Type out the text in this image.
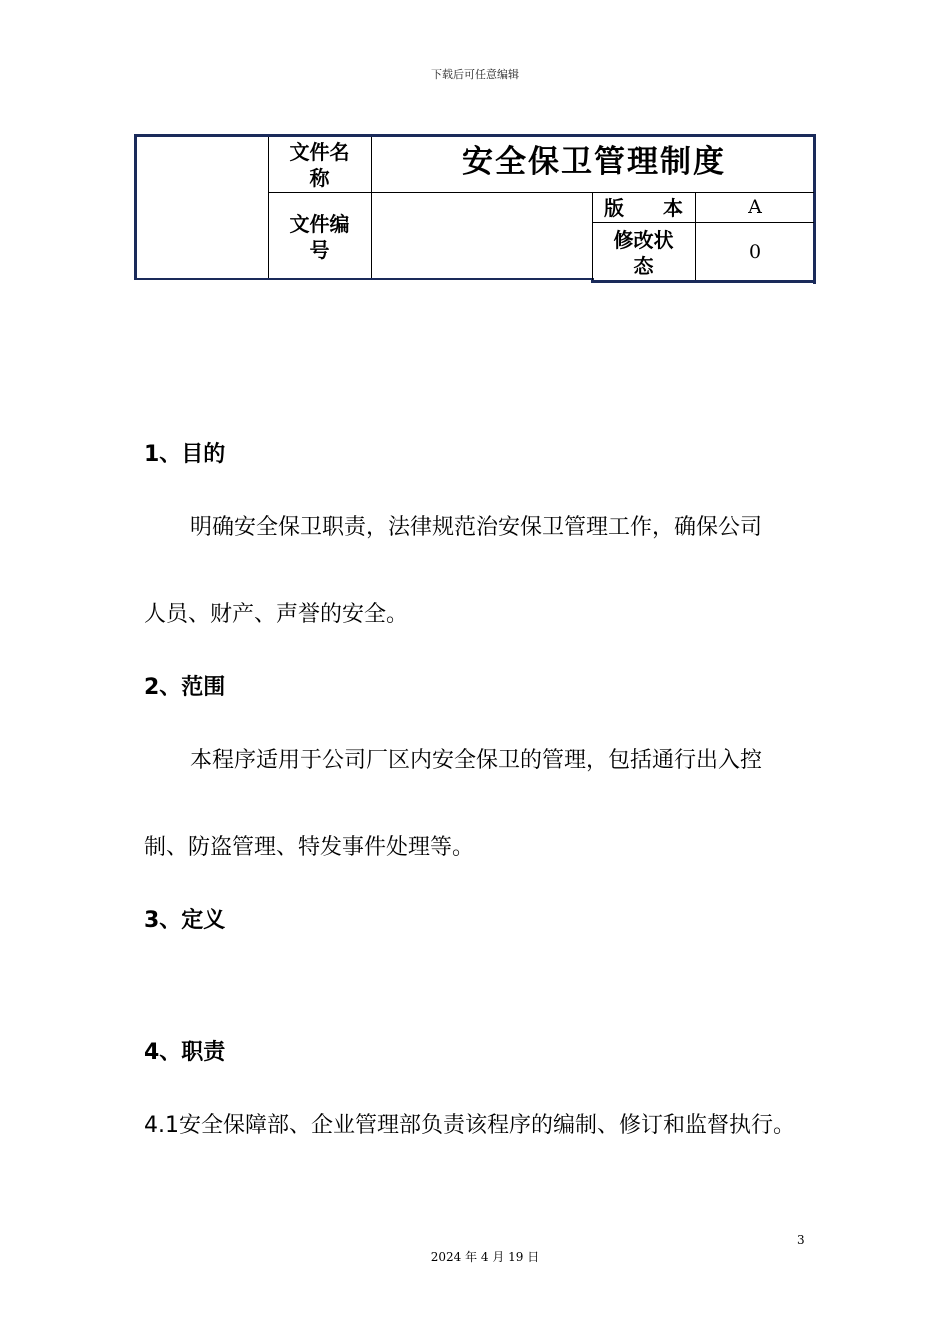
下载后可任意编辑
文件名
称	安全保卫管理制度
文件编
号
版 本	A
修改状
态
0
1、目的
明确安全保卫职责，法律规范治安保卫管理工作，确保公司
人员、财产、声誉的安全。
2、范围
本程序适用于公司厂区内安全保卫的管理，包括通行出入控
制、防盗管理、特发事件处理等。
3、定义
4、职责
4.1安全保障部、企业管理部负责该程序的编制、修订和监督执行。
3
2024 年 4 月 19 日
